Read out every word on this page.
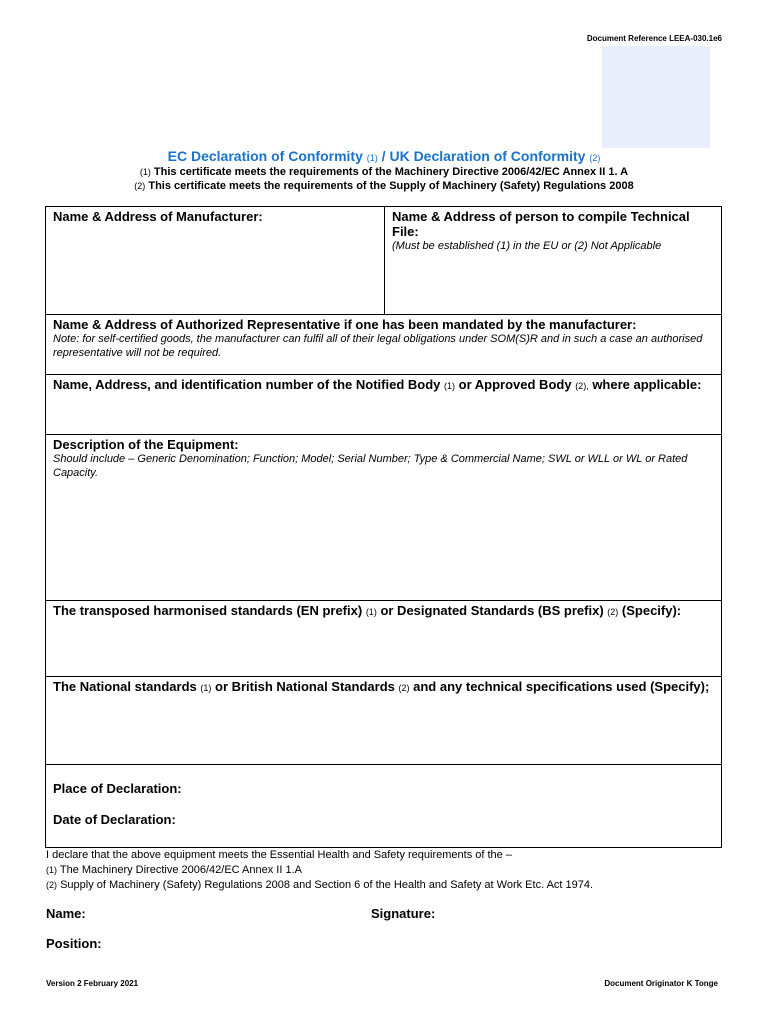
Document Reference LEEA-030.1e6
EC Declaration of Conformity (1) / UK Declaration of Conformity (2)
(1) This certificate meets the requirements of the Machinery Directive 2006/42/EC Annex II 1. A
(2) This certificate meets the requirements of the Supply of Machinery (Safety) Regulations 2008
Name & Address of Manufacturer:	Name & Address of person to compile Technical File:
(Must be established (1) in the EU or (2) Not Applicable
Name & Address of Authorized Representative if one has been mandated by the manufacturer:
Note: for self-certified goods, the manufacturer can fulfil all of their legal obligations under SOM(S)R and in such a case an authorised representative will not be required.
Name, Address, and identification number of the Notified Body (1) or Approved Body (2), where applicable:
Description of the Equipment:
Should include – Generic Denomination; Function; Model; Serial Number; Type & Commercial Name; SWL or WLL or WL or Rated Capacity.
The transposed harmonised standards (EN prefix) (1) or Designated Standards (BS prefix) (2) (Specify):
The National standards (1) or British National Standards (2) and any technical specifications used (Specify);
Place of Declaration:
Date of Declaration:
I declare that the above equipment meets the Essential Health and Safety requirements of the –
(1) The Machinery Directive 2006/42/EC Annex II 1.A
(2) Supply of Machinery (Safety) Regulations 2008 and Section 6 of the Health and Safety at Work Etc. Act 1974.
Name:	Signature:
Position:
Version 2 February 2021	Document Originator K Tonge
